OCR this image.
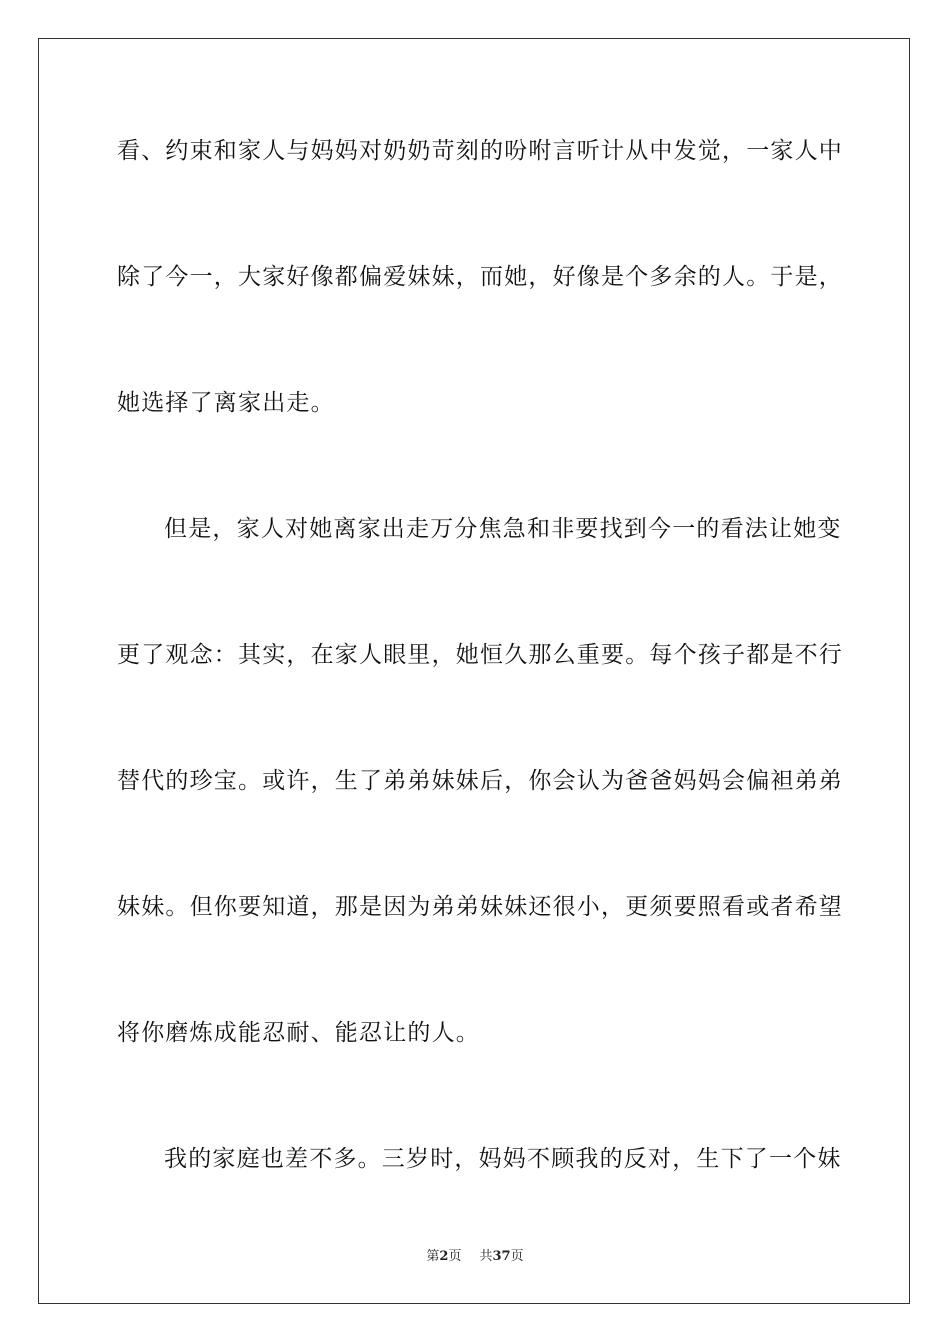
看、约束和家人与妈妈对奶奶苛刻的吩咐言听计从中发觉，一家人中
除了今一，大家好像都偏爱妹妹，而她，好像是个多余的人。于是，
她选择了离家出走。
但是，家人对她离家出走万分焦急和非要找到今一的看法让她变
更了观念：其实，在家人眼里，她恒久那么重要。每个孩子都是不行
替代的珍宝。或许，生了弟弟妹妹后，你会认为爸爸妈妈会偏袒弟弟
妹妹。但你要知道，那是因为弟弟妹妹还很小，更须要照看或者希望
将你磨炼成能忍耐、能忍让的人。
我的家庭也差不多。三岁时，妈妈不顾我的反对，生下了一个妹
第2页 共37页
